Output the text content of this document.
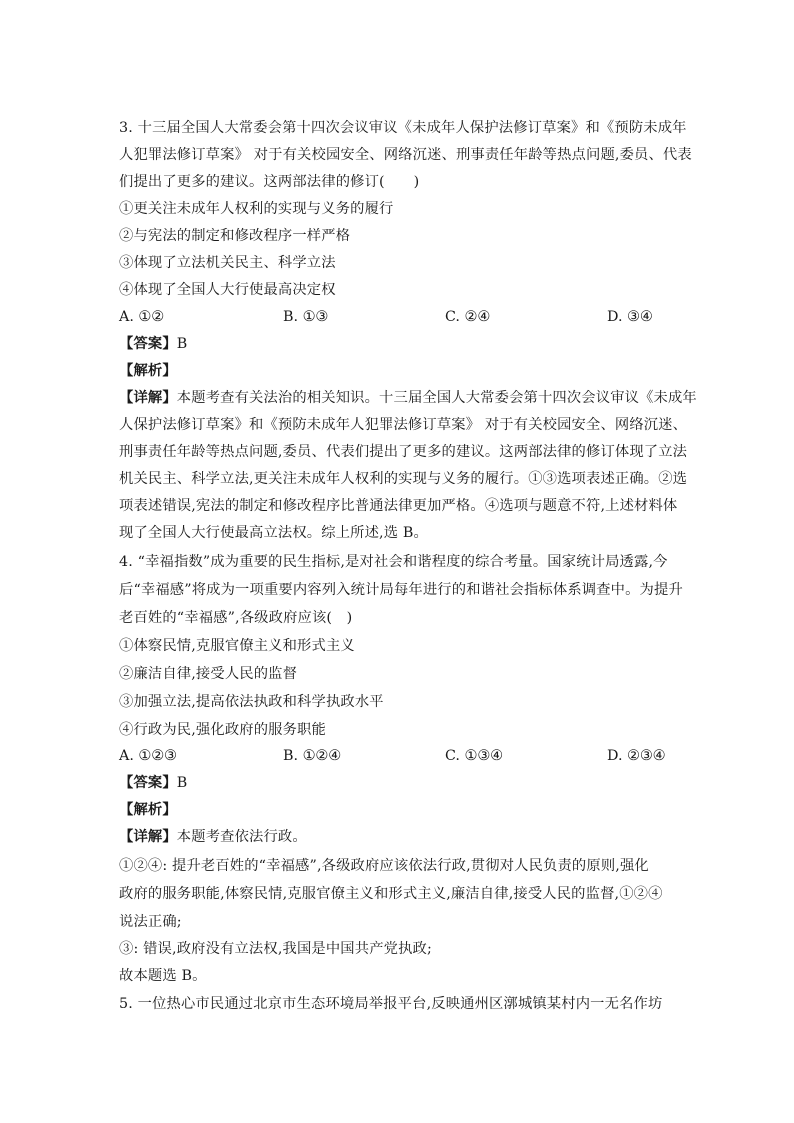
3. 十三届全国人大常委会第十四次会议审议《未成年人保护法修订草案》和《预防未成年
人犯罪法修订草案》 对于有关校园安全、网络沉迷、刑事责任年龄等热点问题,委员、代表
们提出了更多的建议。这两部法律的修订(　　)
①更关注未成年人权利的实现与义务的履行
②与宪法的制定和修改程序一样严格
③体现了立法机关民主、科学立法
④体现了全国人大行使最高决定权
A. ①②	B. ①③	C. ②④	D. ③④
【答案】B
【解析】
【详解】本题考查有关法治的相关知识。十三届全国人大常委会第十四次会议审议《未成年
人保护法修订草案》和《预防未成年人犯罪法修订草案》 对于有关校园安全、网络沉迷、
刑事责任年龄等热点问题,委员、代表们提出了更多的建议。这两部法律的修订体现了立法
机关民主、科学立法,更关注未成年人权利的实现与义务的履行。①③选项表述正确。②选
项表述错误,宪法的制定和修改程序比普通法律更加严格。④选项与题意不符,上述材料体
现了全国人大行使最高立法权。综上所述,选 B。
4. “幸福指数”成为重要的民生指标,是对社会和谐程度的综合考量。国家统计局透露,今
后“幸福感”将成为一项重要内容列入统计局每年进行的和谐社会指标体系调查中。为提升
老百姓的“幸福感”,各级政府应该(　)
①体察民情,克服官僚主义和形式主义
②廉洁自律,接受人民的监督
③加强立法,提高依法执政和科学执政水平
④行政为民,强化政府的服务职能
A. ①②③	B. ①②④	C. ①③④	D. ②③④
【答案】B
【解析】
【详解】本题考查依法行政。
①②④: 提升老百姓的“幸福感”,各级政府应该依法行政,贯彻对人民负责的原则,强化
政府的服务职能,体察民情,克服官僚主义和形式主义,廉洁自律,接受人民的监督,①②④
说法正确;
③: 错误,政府没有立法权,我国是中国共产党执政;
故本题选 B。
5. 一位热心市民通过北京市生态环境局举报平台,反映通州区漷城镇某村内一无名作坊
